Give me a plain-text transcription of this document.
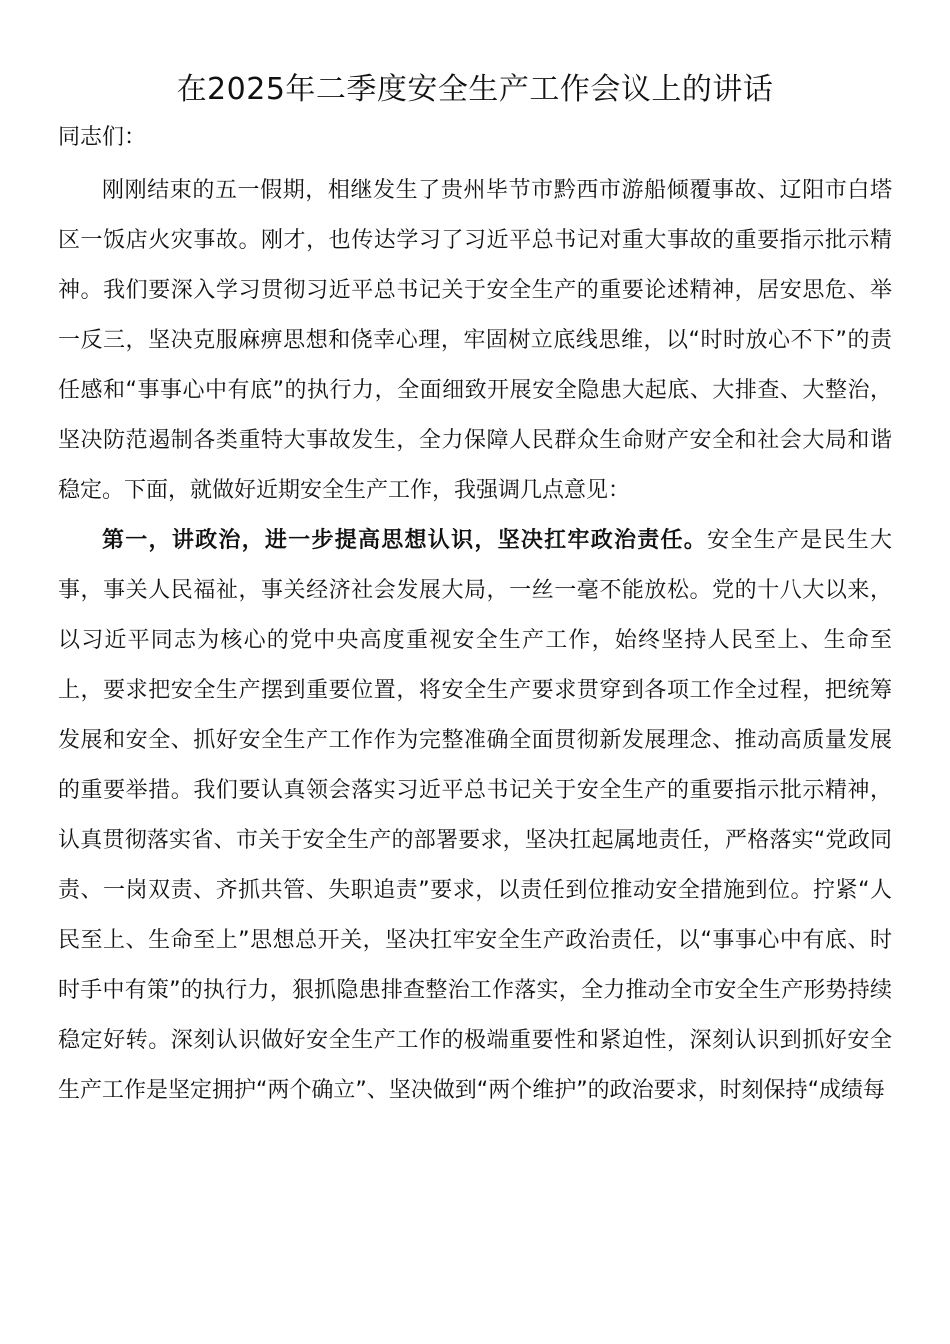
在2025年二季度安全生产工作会议上的讲话
同志们：

刚刚结束的五一假期，相继发生了贵州毕节市黔西市游船倾覆事故、辽阳市白塔区一饭店火灾事故。刚才，也传达学习了习近平总书记对重大事故的重要指示批示精神。我们要深入学习贯彻习近平总书记关于安全生产的重要论述精神，居安思危、举一反三，坚决克服麻痹思想和侥幸心理，牢固树立底线思维，以“时时放心不下”的责任感和“事事心中有底”的执行力，全面细致开展安全隐患大起底、大排查、大整治，坚决防范遏制各类重特大事故发生，全力保障人民群众生命财产安全和社会大局和谐稳定。下面，就做好近期安全生产工作，我强调几点意见：

第一，讲政治，进一步提高思想认识，坚决扛牢政治责任。安全生产是民生大事，事关人民福祉，事关经济社会发展大局，一丝一毫不能放松。党的十八大以来，以习近平同志为核心的党中央高度重视安全生产工作，始终坚持人民至上、生命至上，要求把安全生产摆到重要位置，将安全生产要求贯穿到各项工作全过程，把统筹发展和安全、抓好安全生产工作作为完整准确全面贯彻新发展理念、推动高质量发展的重要举措。我们要认真领会落实习近平总书记关于安全生产的重要指示批示精神，认真贯彻落实省、市关于安全生产的部署要求，坚决扛起属地责任，严格落实“党政同责、一岗双责、齐抓共管、失职追责”要求，以责任到位推动安全措施到位。拧紧“人民至上、生命至上”思想总开关，坚决扛牢安全生产政治责任，以“事事心中有底、时时手中有策”的执行力，狠抓隐患排查整治工作落实，全力推动全市安全生产形势持续稳定好转。深刻认识做好安全生产工作的极端重要性和紧迫性，深刻认识到抓好安全生产工作是坚定拥护“两个确立”、坚决做到“两个维护”的政治要求，时刻保持“成绩每
